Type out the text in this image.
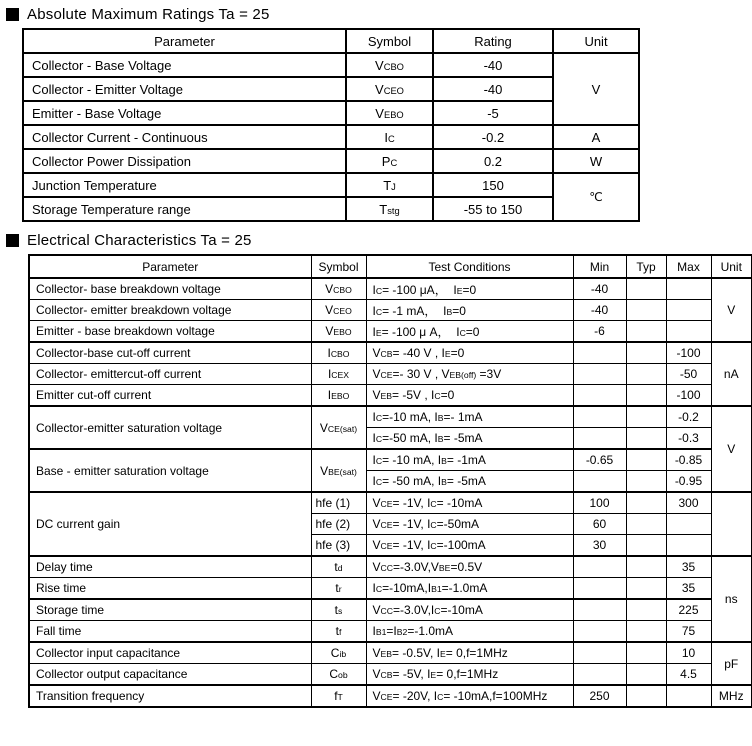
Absolute Maximum Ratings Ta = 25
Parameter	Symbol	Rating	Unit
Collector - Base Voltage	VCBO	-40	V
Collector - Emitter Voltage	VCEO	-40	
Emitter - Base Voltage	VEBO	-5	
Collector Current - Continuous	IC	-0.2	A
Collector Power Dissipation	PC	0.2	W
Junction Temperature	TJ	150	℃
Storage Temperature range	Tstg	-55 to 150	
Electrical Characteristics Ta = 25
Parameter	Symbol	Test Conditions	Min	Typ	Max	Unit
Collector- base breakdown voltage	VCBO	IC= -100 μA，  IE=0	-40			V
Collector- emitter breakdown voltage	VCEO	IC= -1 mA，  IB=0	-40			
Emitter - base breakdown voltage	VEBO	IE= -100 μ A，  IC=0	-6			
Collector-base cut-off current	ICBO	VCB= -40 V , IE=0			-100	nA
Collector- emittercut-off current	ICEX	VCE=- 30 V , VEB(off) =3V			-50	
Emitter cut-off current	IEBO	VEB= -5V , IC=0			-100	
Collector-emitter saturation voltage	VCE(sat)	IC=-10 mA, IB=- 1mA			-0.2	V
		IC=-50 mA, IB= -5mA			-0.3	
Base - emitter saturation voltage	VBE(sat)	IC= -10 mA, IB= -1mA	-0.65		-0.85	
		IC= -50 mA, IB= -5mA			-0.95	
DC current gain	hfe (1)	VCE= -1V, IC= -10mA	100		300	
	hfe (2)	VCE= -1V, IC=-50mA	60			
	hfe (3)	VCE= -1V, IC=-100mA	30			
Delay time	td	VCC=-3.0V,VBE=0.5V			35	ns
Rise time	tr	IC=-10mA,IB1=-1.0mA			35	
Storage time	ts	VCC=-3.0V,IC=-10mA			225	
Fall time	tf	IB1=IB2=-1.0mA			75	
Collector input capacitance	Cib	VEB= -0.5V, IE= 0,f=1MHz			10	pF
Collector output capacitance	Cob	VCB= -5V, IE= 0,f=1MHz			4.5	
Transition frequency	fT	VCE= -20V, IC= -10mA,f=100MHz	250			MHz
